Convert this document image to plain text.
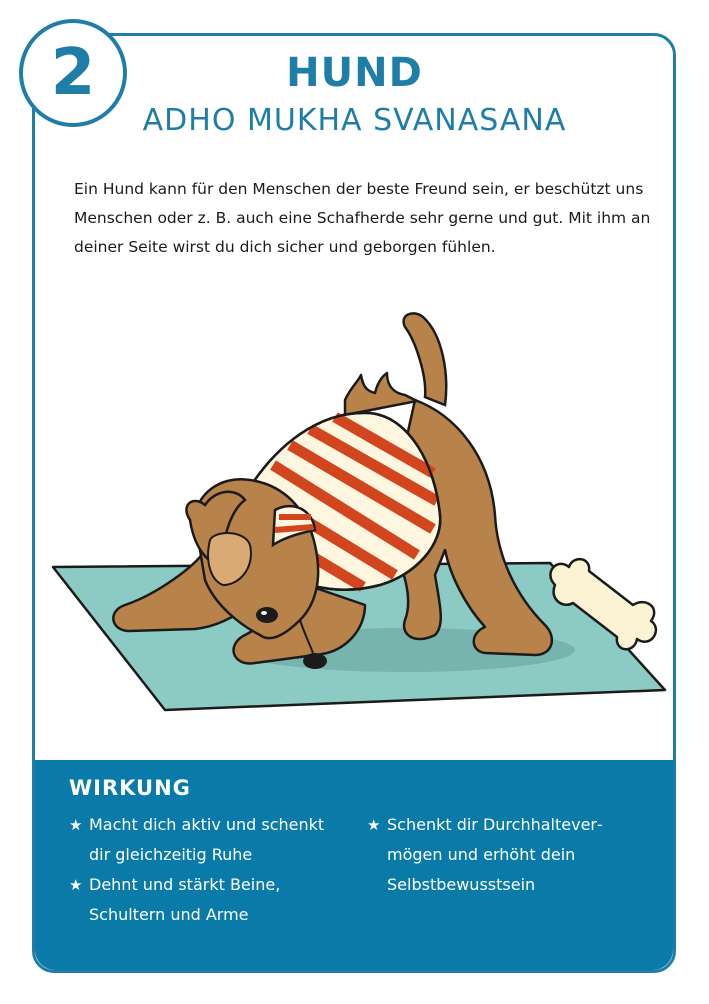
2	HUND
ADHO MUKHA SVANASANA

Ein Hund kann für den Menschen der beste Freund sein, er beschützt uns Menschen oder z. B. auch eine Schafherde sehr gerne und gut. Mit ihm an deiner Seite wirst du dich sicher und geborgen fühlen.

WIRKUNG
★ Macht dich aktiv und schenkt dir gleichzeitig Ruhe
★ Dehnt und stärkt Beine, Schultern und Arme
★ Schenkt dir Durchhaltevermögen und erhöht dein Selbstbewusstsein
